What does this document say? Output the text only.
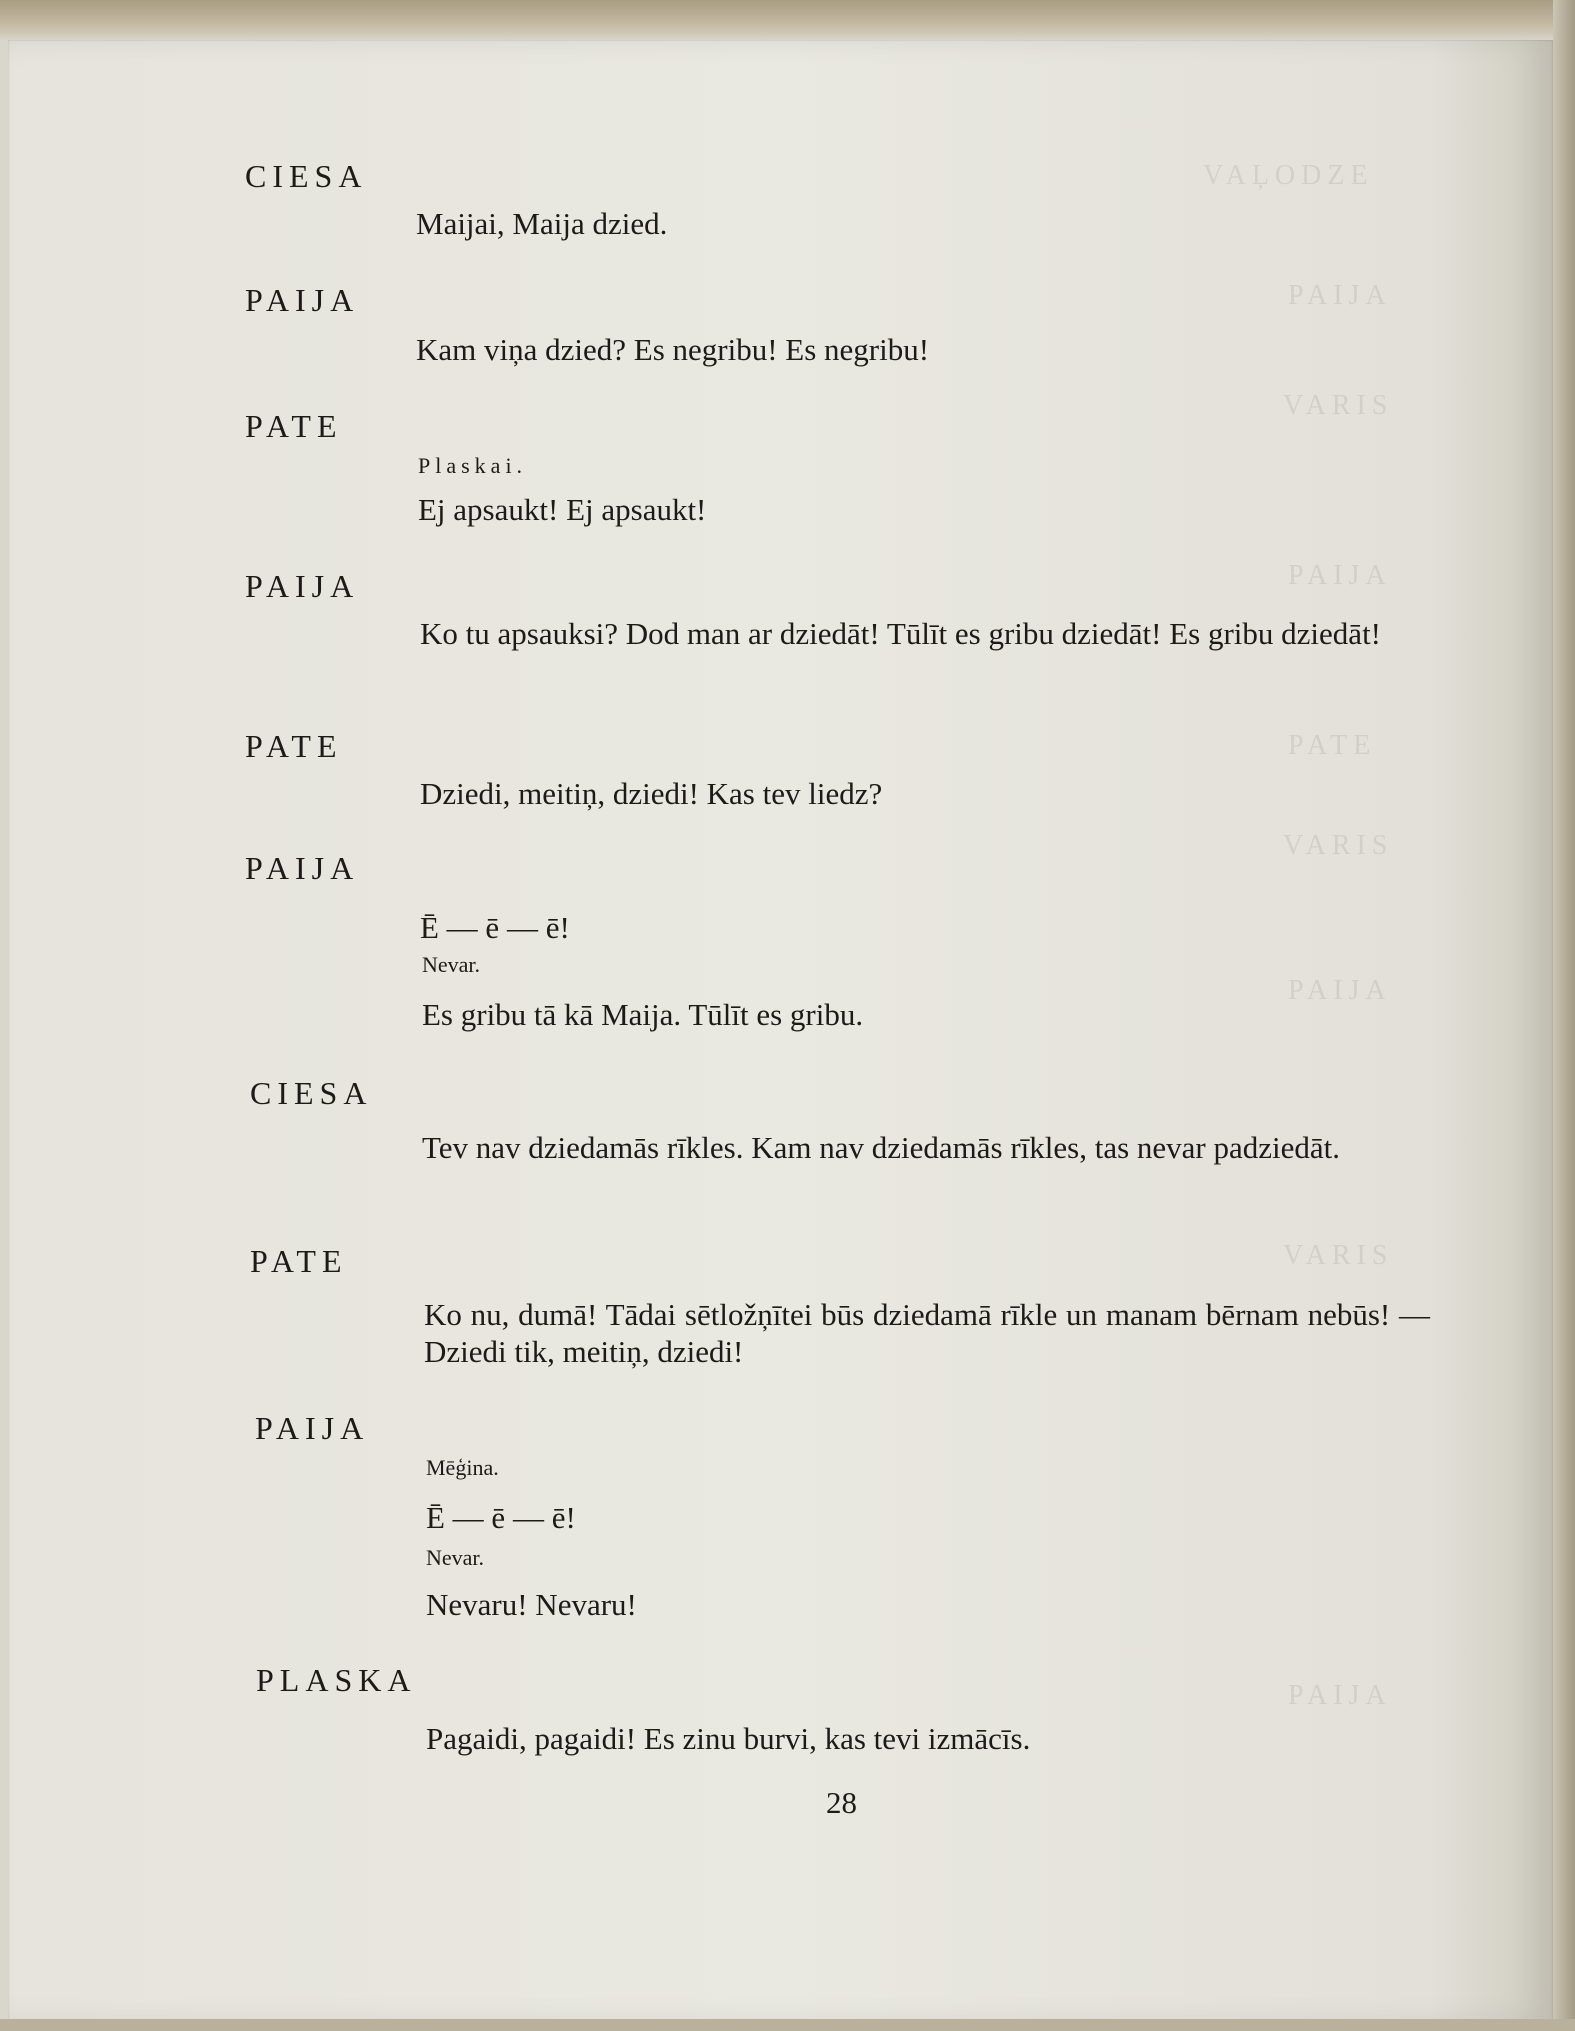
VAĻODZE
PAIJA
VARIS
PAIJA
PATE
VARIS
PAIJA
VARIS
PAIJA
CIESA
Maijai, Maija dzied.
PAIJA
Kam viņa dzied? Es negribu! Es negribu!
PATE
Plaskai.
Ej apsaukt! Ej apsaukt!
PAIJA
Ko tu apsauksi? Dod man ar dziedāt! Tūlīt es gribu dziedāt! Es gribu dziedāt!
PATE
Dziedi, meitiņ, dziedi! Kas tev liedz?
PAIJA
Ē — ē — ē!
Nevar.
Es gribu tā kā Maija. Tūlīt es gribu.
CIESA
Tev nav dziedamās rīkles. Kam nav dziedamās rīkles, tas nevar padziedāt.
PATE
Ko nu, dumā! Tādai sētložņītei būs dziedamā rīkle un manam bērnam nebūs! — Dziedi tik, meitiņ, dziedi!
PAIJA
Mēģina.
Ē — ē — ē!
Nevar.
Nevaru! Nevaru!
PLASKA
Pagaidi, pagaidi! Es zinu burvi, kas tevi izmācīs.
28
